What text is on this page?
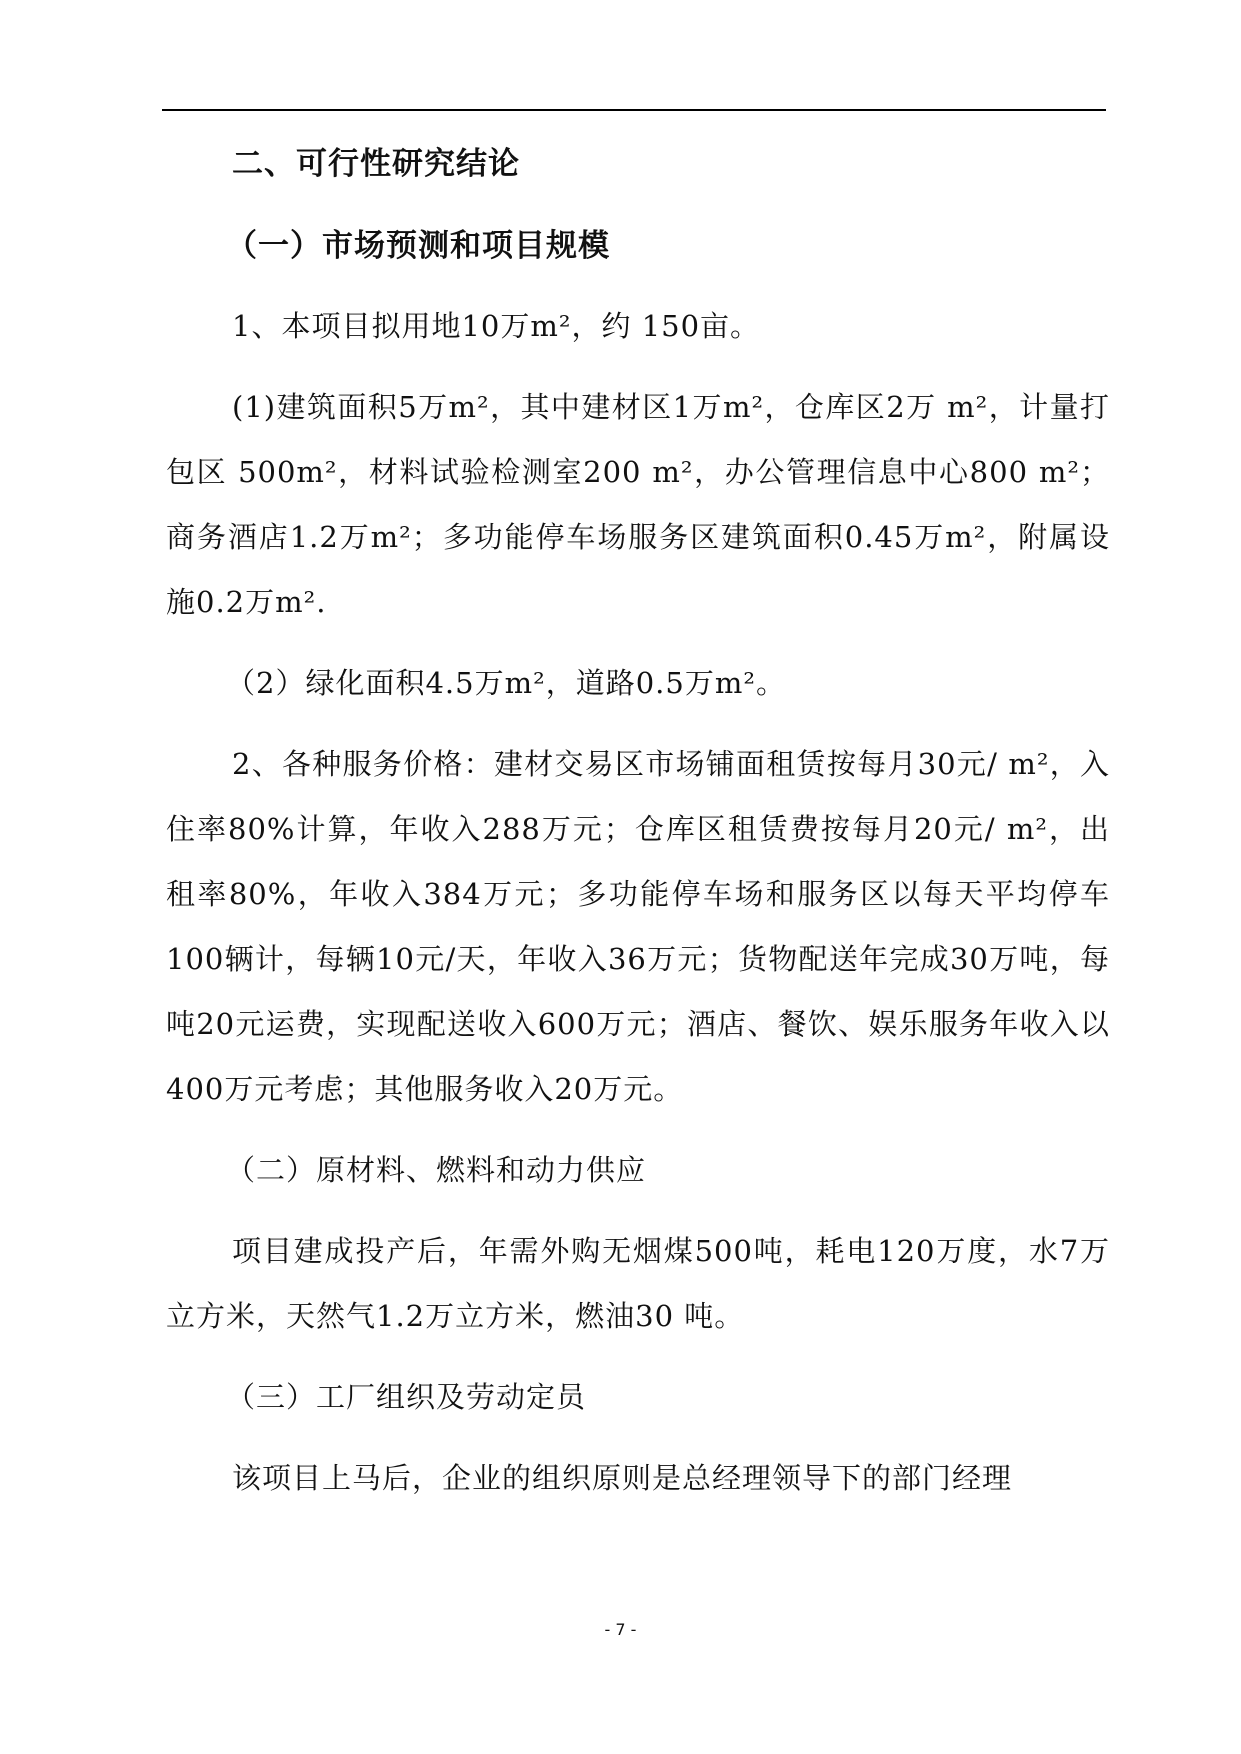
二、可行性研究结论
（一）市场预测和项目规模
1、本项目拟用地10万m²，约 150亩。
(1)建筑面积5万m²，其中建材区1万m²，仓库区2万 m²，计量打包区 500m²，材料试验检测室200 m²，办公管理信息中心800 m²；商务酒店1.2万m²；多功能停车场服务区建筑面积0.45万m²，附属设施0.2万m².
（2）绿化面积4.5万m²，道路0.5万m²。
2、各种服务价格：建材交易区市场铺面租赁按每月30元/ m²，入住率80%计算，年收入288万元；仓库区租赁费按每月20元/ m²，出租率80%，年收入384万元；多功能停车场和服务区以每天平均停车100辆计，每辆10元/天，年收入36万元；货物配送年完成30万吨，每吨20元运费，实现配送收入600万元；酒店、餐饮、娱乐服务年收入以400万元考虑；其他服务收入20万元。
（二）原材料、燃料和动力供应
项目建成投产后，年需外购无烟煤500吨，耗电120万度，水7万立方米，天然气1.2万立方米，燃油30 吨。
（三）工厂组织及劳动定员
该项目上马后，企业的组织原则是总经理领导下的部门经理
- 7 -
